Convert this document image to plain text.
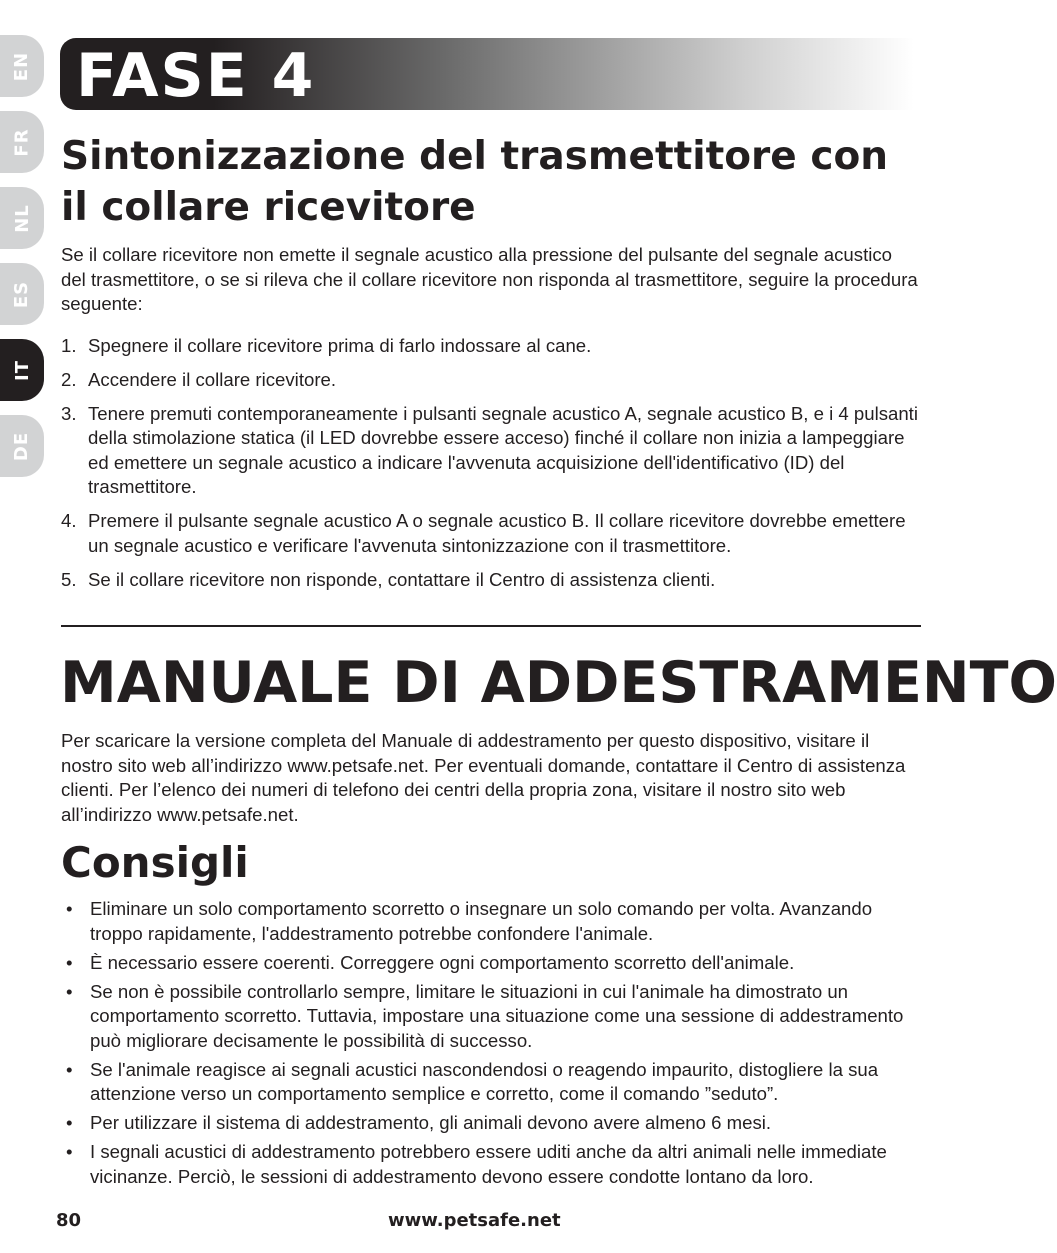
EN
FR
NL
ES
IT
DE
FASE 4
Sintonizzazione del trasmettitore con il collare ricevitore

Se il collare ricevitore non emette il segnale acustico alla pressione del pulsante del segnale acustico del trasmettitore, o se si rileva che il collare ricevitore non risponda al trasmettitore, seguire la procedura seguente:

1. Spegnere il collare ricevitore prima di farlo indossare al cane.
2. Accendere il collare ricevitore.
3. Tenere premuti contemporaneamente i pulsanti segnale acustico A, segnale acustico B, e i 4 pulsanti della stimolazione statica (il LED dovrebbe essere acceso) finché il collare non inizia a lampeggiare ed emettere un segnale acustico a indicare l'avvenuta acquisizione dell'identificativo (ID) del trasmettitore.
4. Premere il pulsante segnale acustico A o segnale acustico B. Il collare ricevitore dovrebbe emettere un segnale acustico e verificare l'avvenuta sintonizzazione con il trasmettitore.
5. Se il collare ricevitore non risponde, contattare il Centro di assistenza clienti.
MANUALE DI ADDESTRAMENTO

Per scaricare la versione completa del Manuale di addestramento per questo dispositivo, visitare il nostro sito web all’indirizzo www.petsafe.net. Per eventuali domande, contattare il Centro di assistenza clienti. Per l’elenco dei numeri di telefono dei centri della propria zona, visitare il nostro sito web all’indirizzo www.petsafe.net.

Consigli
• Eliminare un solo comportamento scorretto o insegnare un solo comando per volta. Avanzando troppo rapidamente, l'addestramento potrebbe confondere l'animale.
• È necessario essere coerenti. Correggere ogni comportamento scorretto dell'animale.
• Se non è possibile controllarlo sempre, limitare le situazioni in cui l'animale ha dimostrato un comportamento scorretto. Tuttavia, impostare una situazione come una sessione di addestramento può migliorare decisamente le possibilità di successo.
• Se l'animale reagisce ai segnali acustici nascondendosi o reagendo impaurito, distogliere la sua attenzione verso un comportamento semplice e corretto, come il comando ”seduto”.
• Per utilizzare il sistema di addestramento, gli animali devono avere almeno 6 mesi.
• I segnali acustici di addestramento potrebbero essere uditi anche da altri animali nelle immediate vicinanze. Perciò, le sessioni di addestramento devono essere condotte lontano da loro.
80	www.petsafe.net
